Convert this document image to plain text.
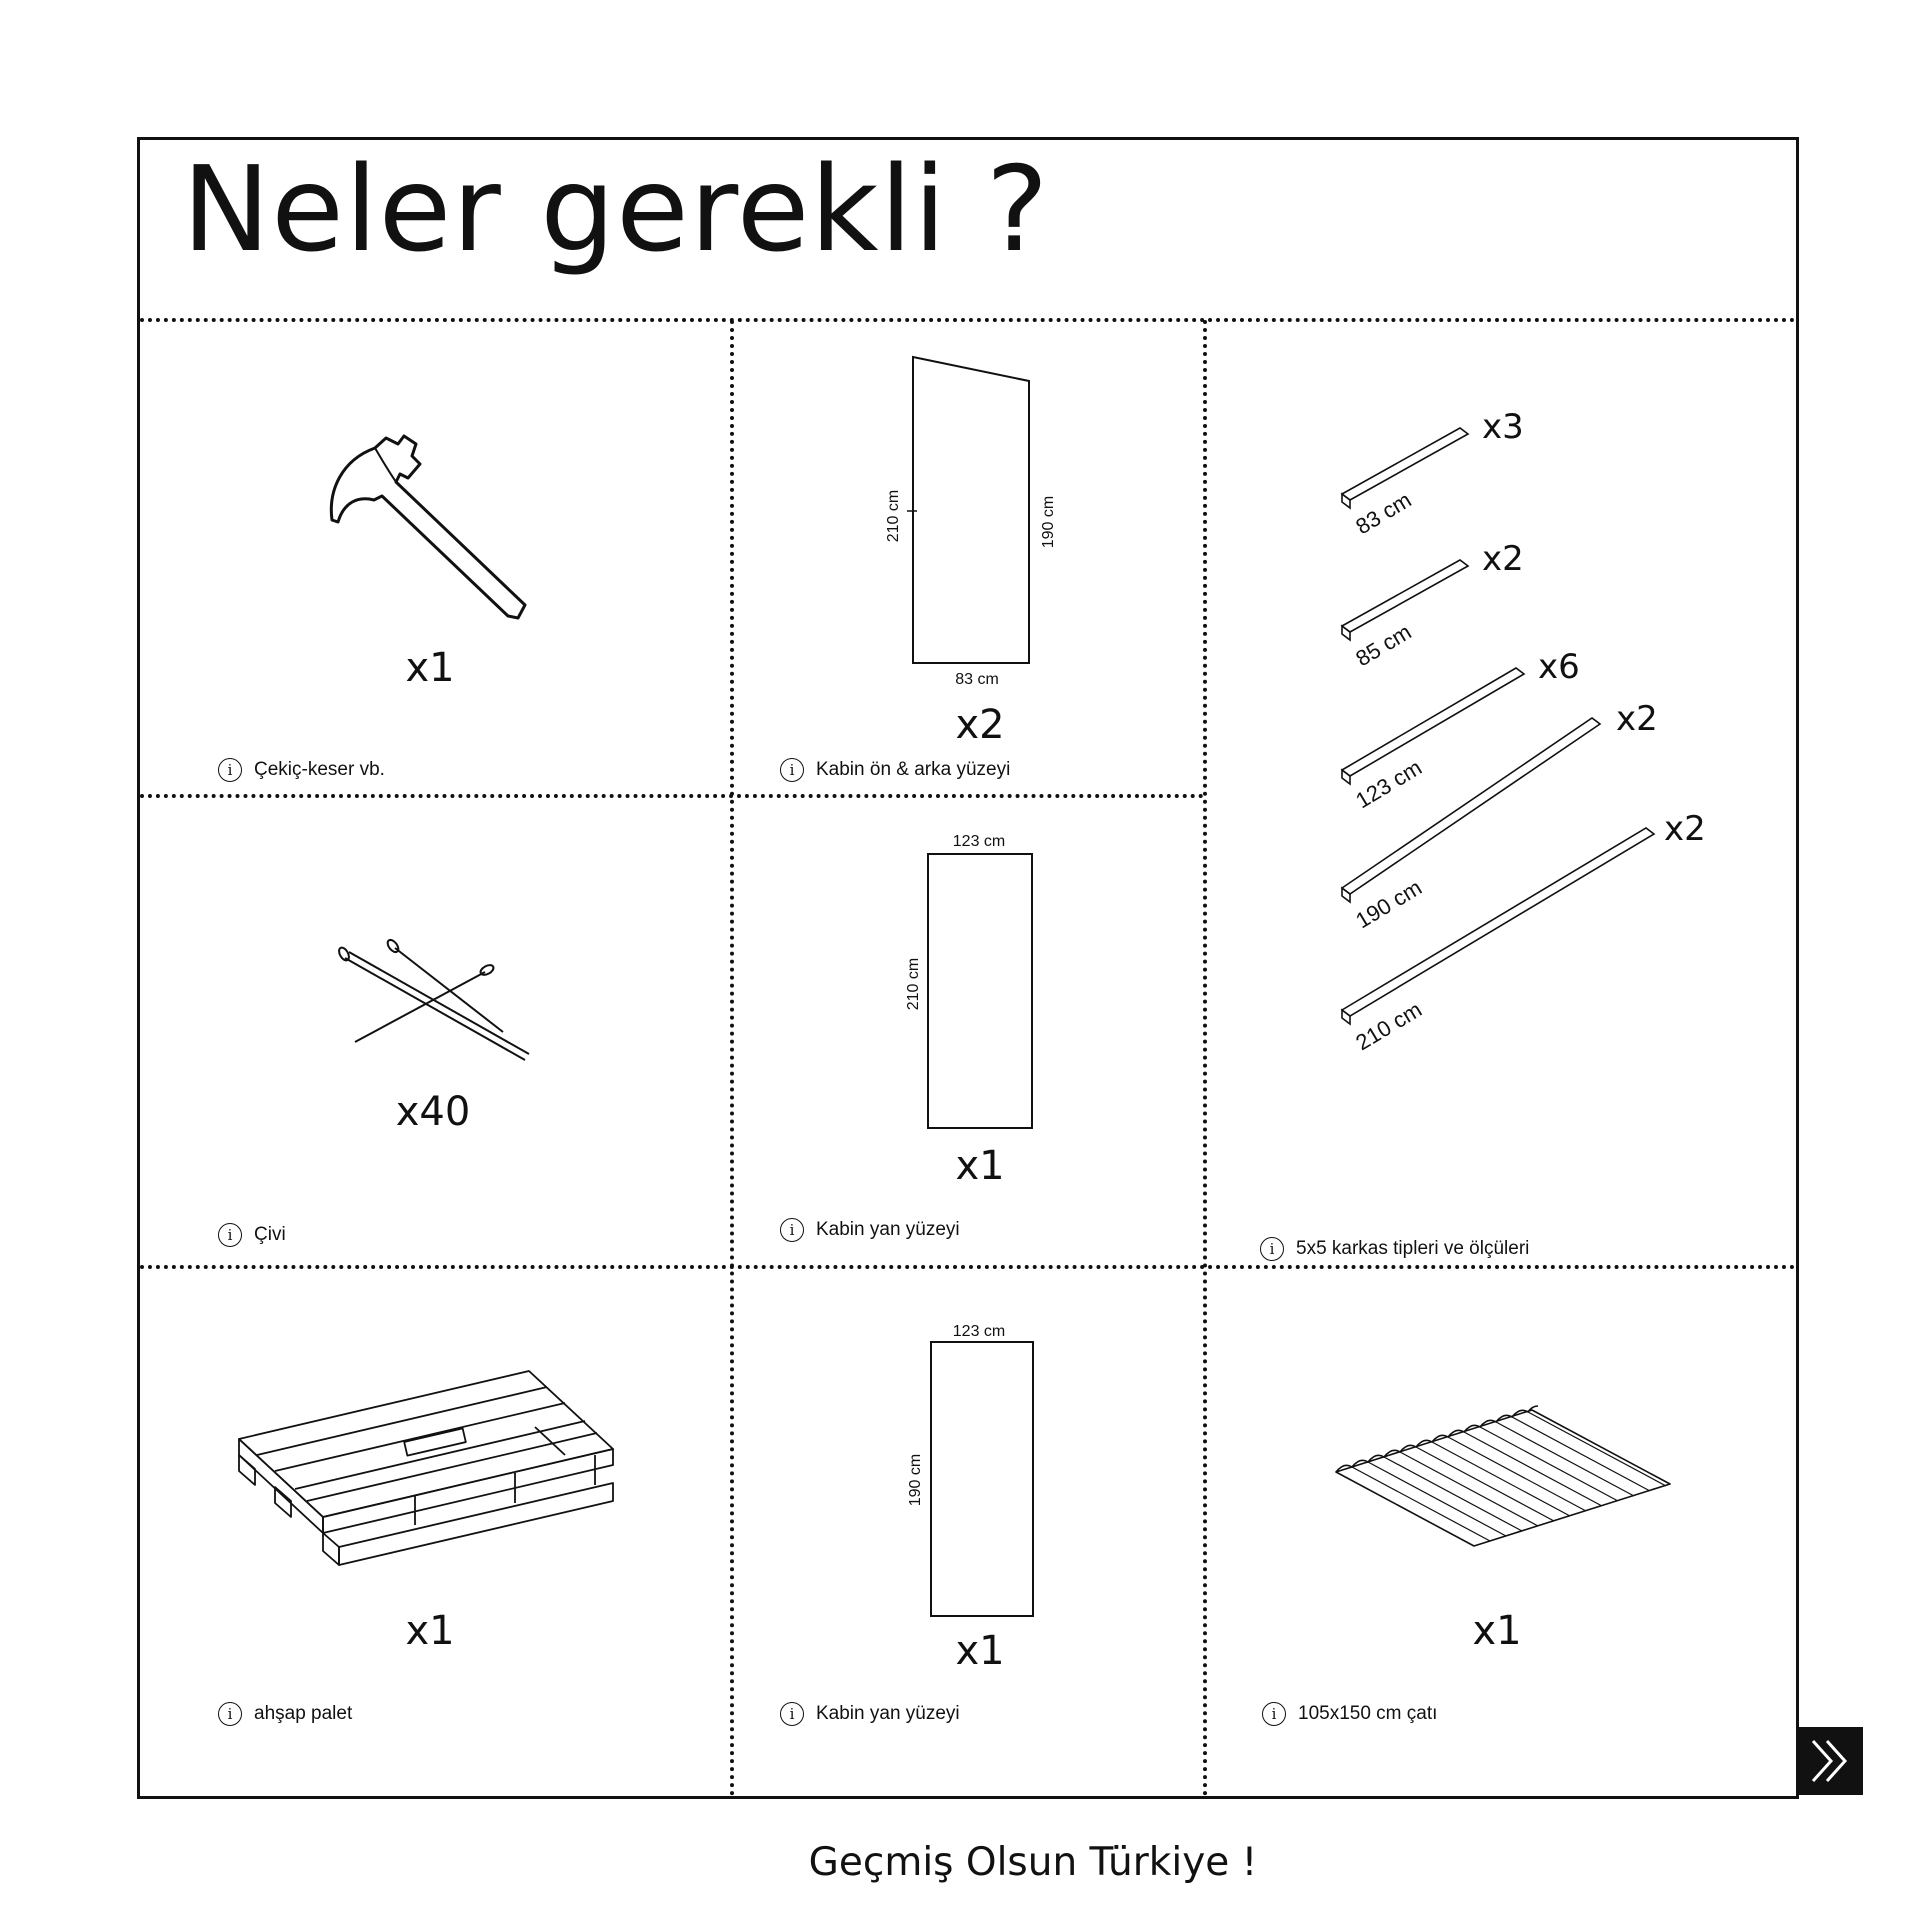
Neler gerekli ?
x1
i	Çekiç-keser vb.
210 cm	190 cm
83 cm
x2
i	Kabin ön & arka yüzeyi
83 cm
x3
85 cm
x2
123 cm
x6
190 cm
x2
210 cm
x2
i	5x5 karkas tipleri ve ölçüleri
x40
i	Çivi
123 cm
210 cm
x1
i	Kabin yan yüzeyi
x1
i	ahşap palet
123 cm
190 cm
x1
i	Kabin yan yüzeyi
x1
i	105x150 cm çatı
Geçmiş Olsun Türkiye !
